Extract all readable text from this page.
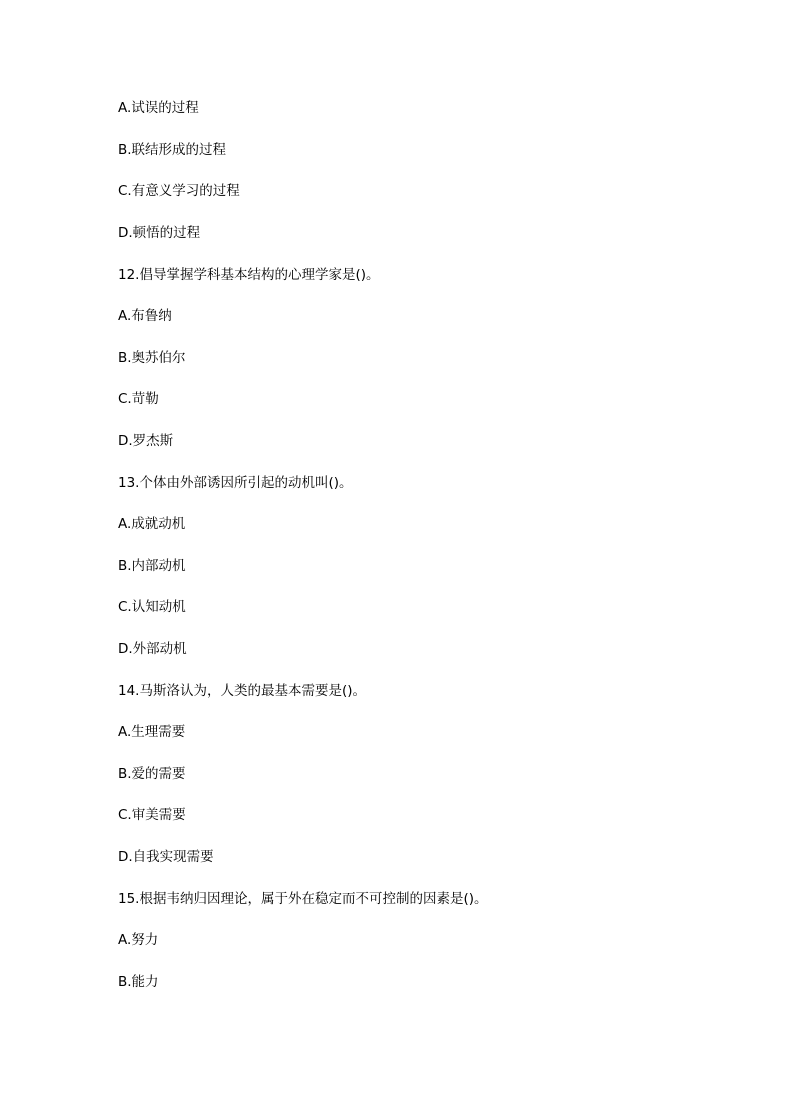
A.试误的过程
B.联结形成的过程
C.有意义学习的过程
D.顿悟的过程
12.倡导掌握学科基本结构的心理学家是()。
A.布鲁纳
B.奥苏伯尔
C.苛勒
D.罗杰斯
13.个体由外部诱因所引起的动机叫()。
A.成就动机
B.内部动机
C.认知动机
D.外部动机
14.马斯洛认为，人类的最基本需要是()。
A.生理需要
B.爱的需要
C.审美需要
D.自我实现需要
15.根据韦纳归因理论，属于外在稳定而不可控制的因素是()。
A.努力
B.能力
